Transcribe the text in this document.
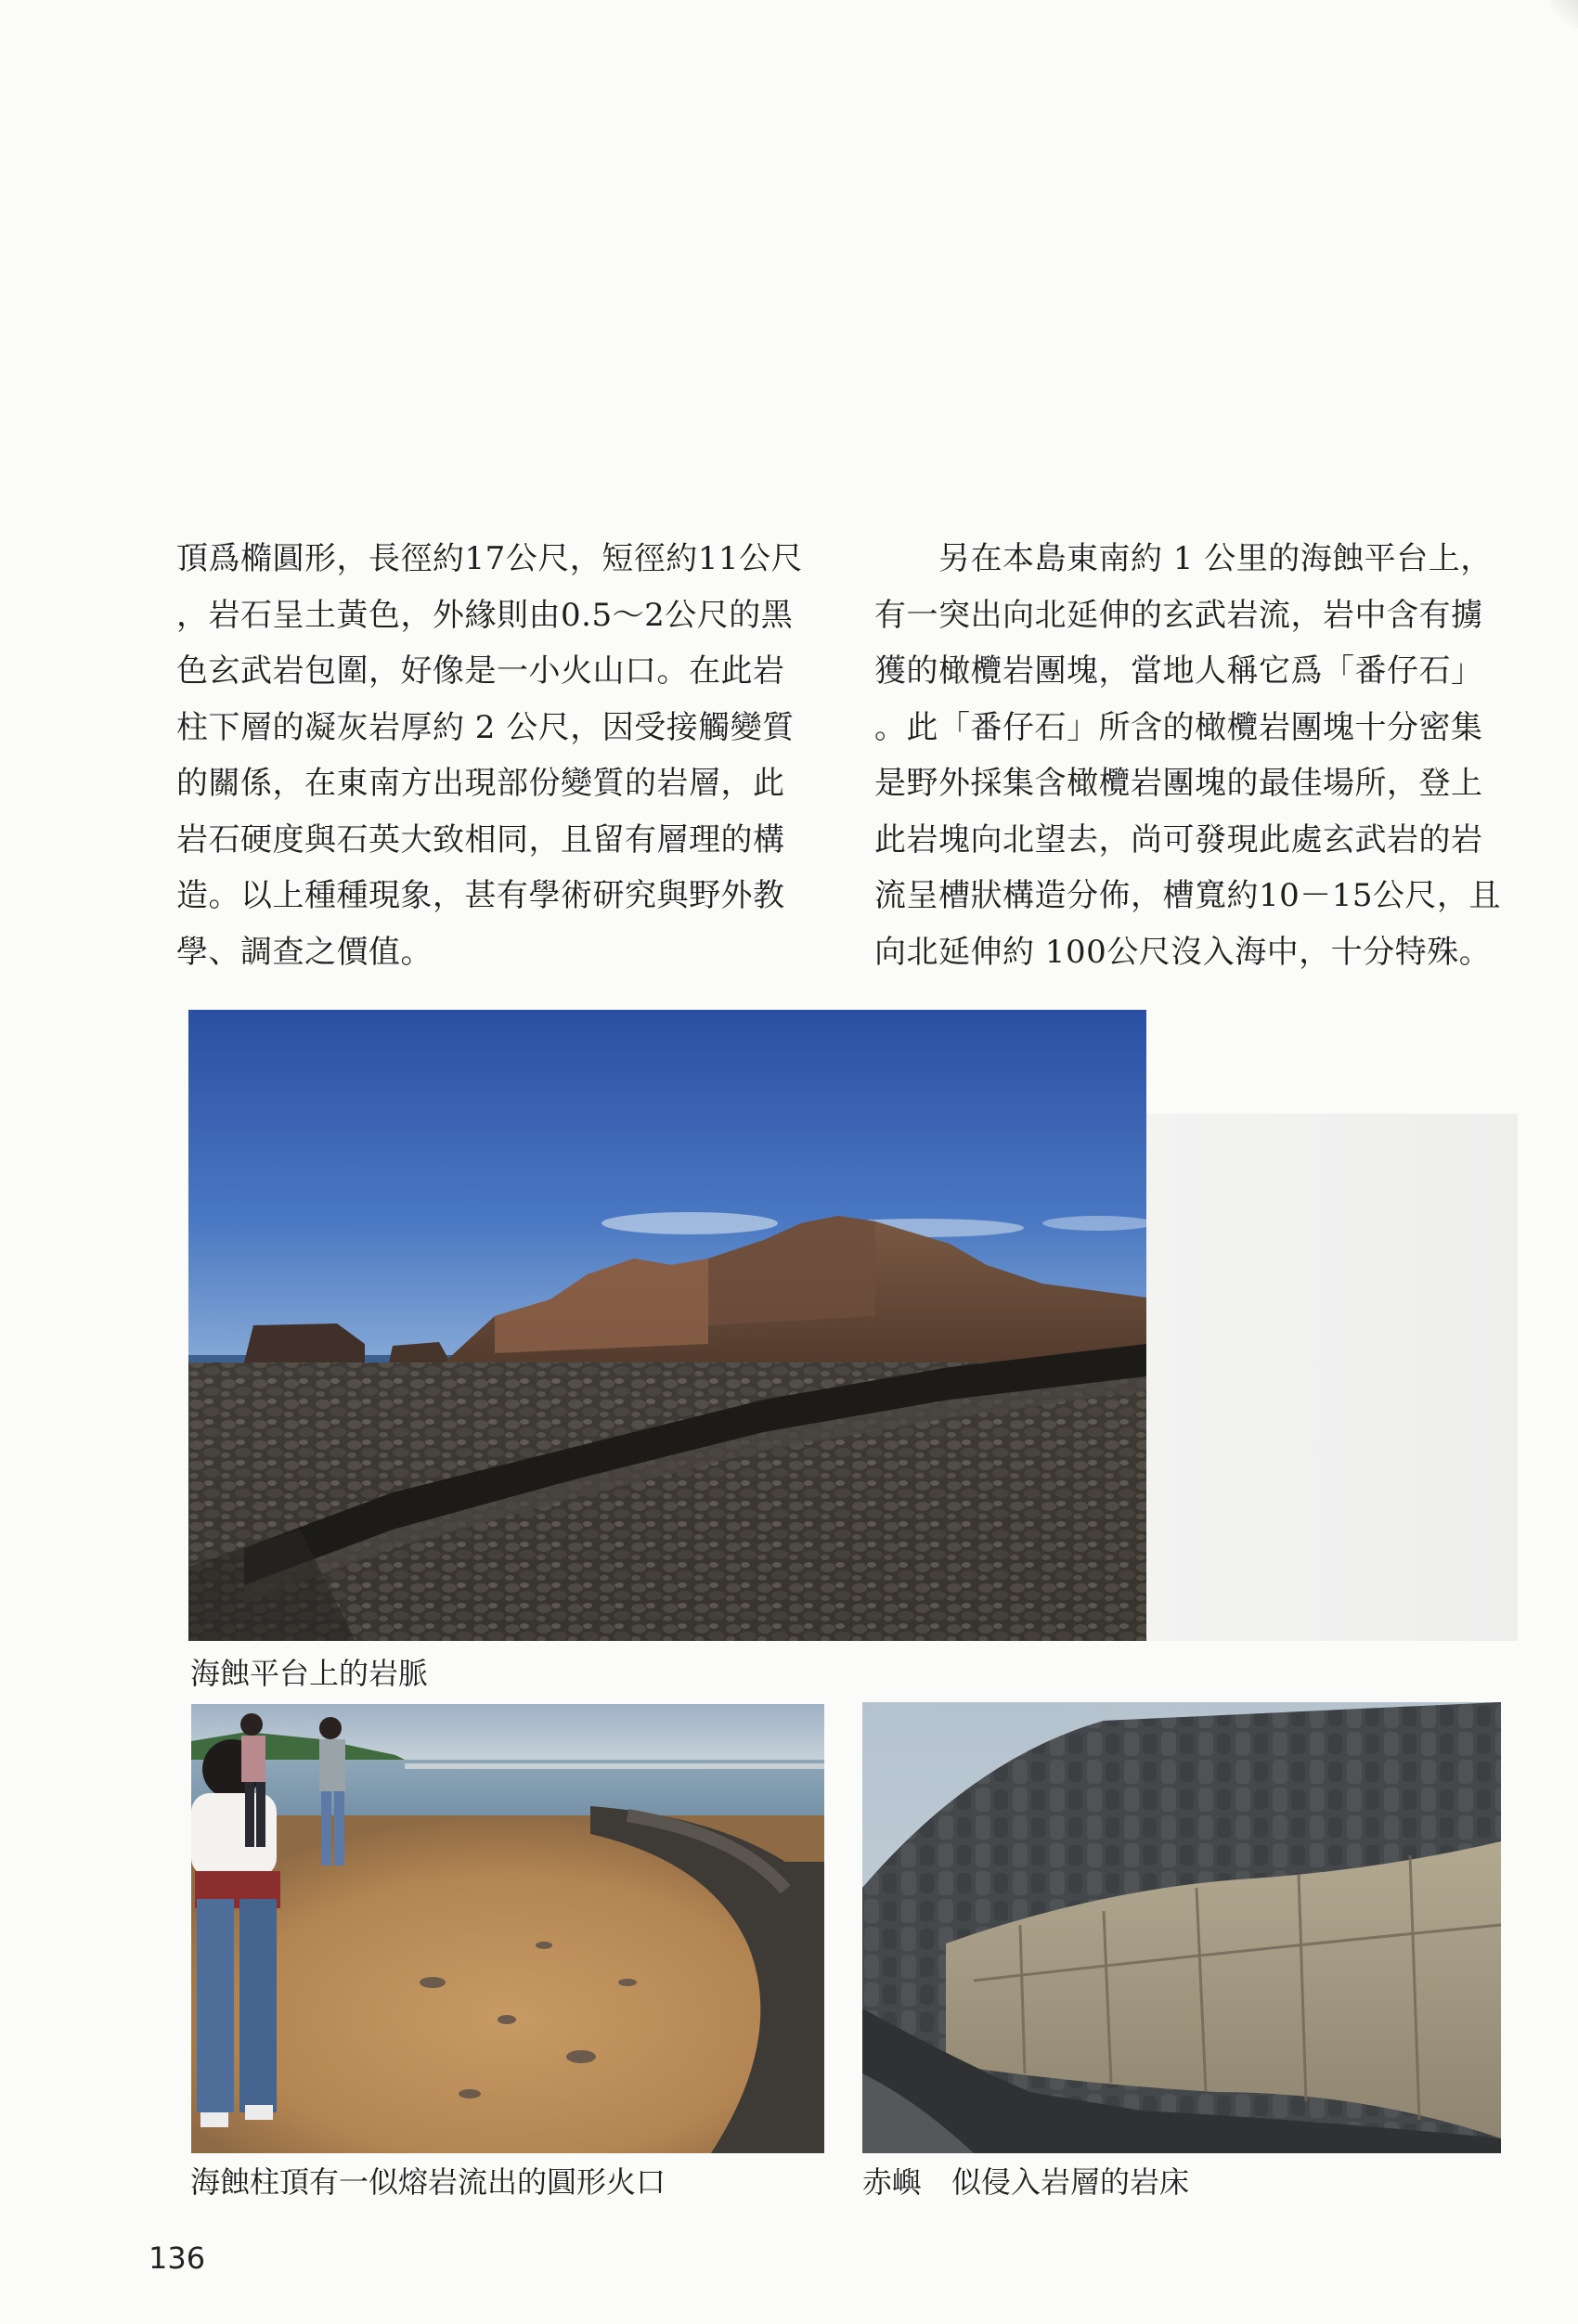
頂爲橢圓形，長徑約17公尺，短徑約11公尺
，岩石呈土黃色，外緣則由0.5～2公尺的黑
色玄武岩包圍，好像是一小火山口。在此岩
柱下層的凝灰岩厚約 2 公尺，因受接觸變質
的關係，在東南方出現部份變質的岩層，此
岩石硬度與石英大致相同，且留有層理的構
造。以上種種現象，甚有學術研究與野外教
學、調查之價值。
　　另在本島東南約 1 公里的海蝕平台上，
有一突出向北延伸的玄武岩流，岩中含有擄
獲的橄欖岩團塊，當地人稱它爲「番仔石」
。此「番仔石」所含的橄欖岩團塊十分密集
是野外採集含橄欖岩團塊的最佳場所，登上
此岩塊向北望去，尚可發現此處玄武岩的岩
流呈槽狀構造分佈，槽寬約10－15公尺，且
向北延伸約 100公尺沒入海中，十分特殊。
海蝕平台上的岩脈
海蝕柱頂有一似熔岩流出的圓形火口	赤嶼　似侵入岩層的岩床
136
